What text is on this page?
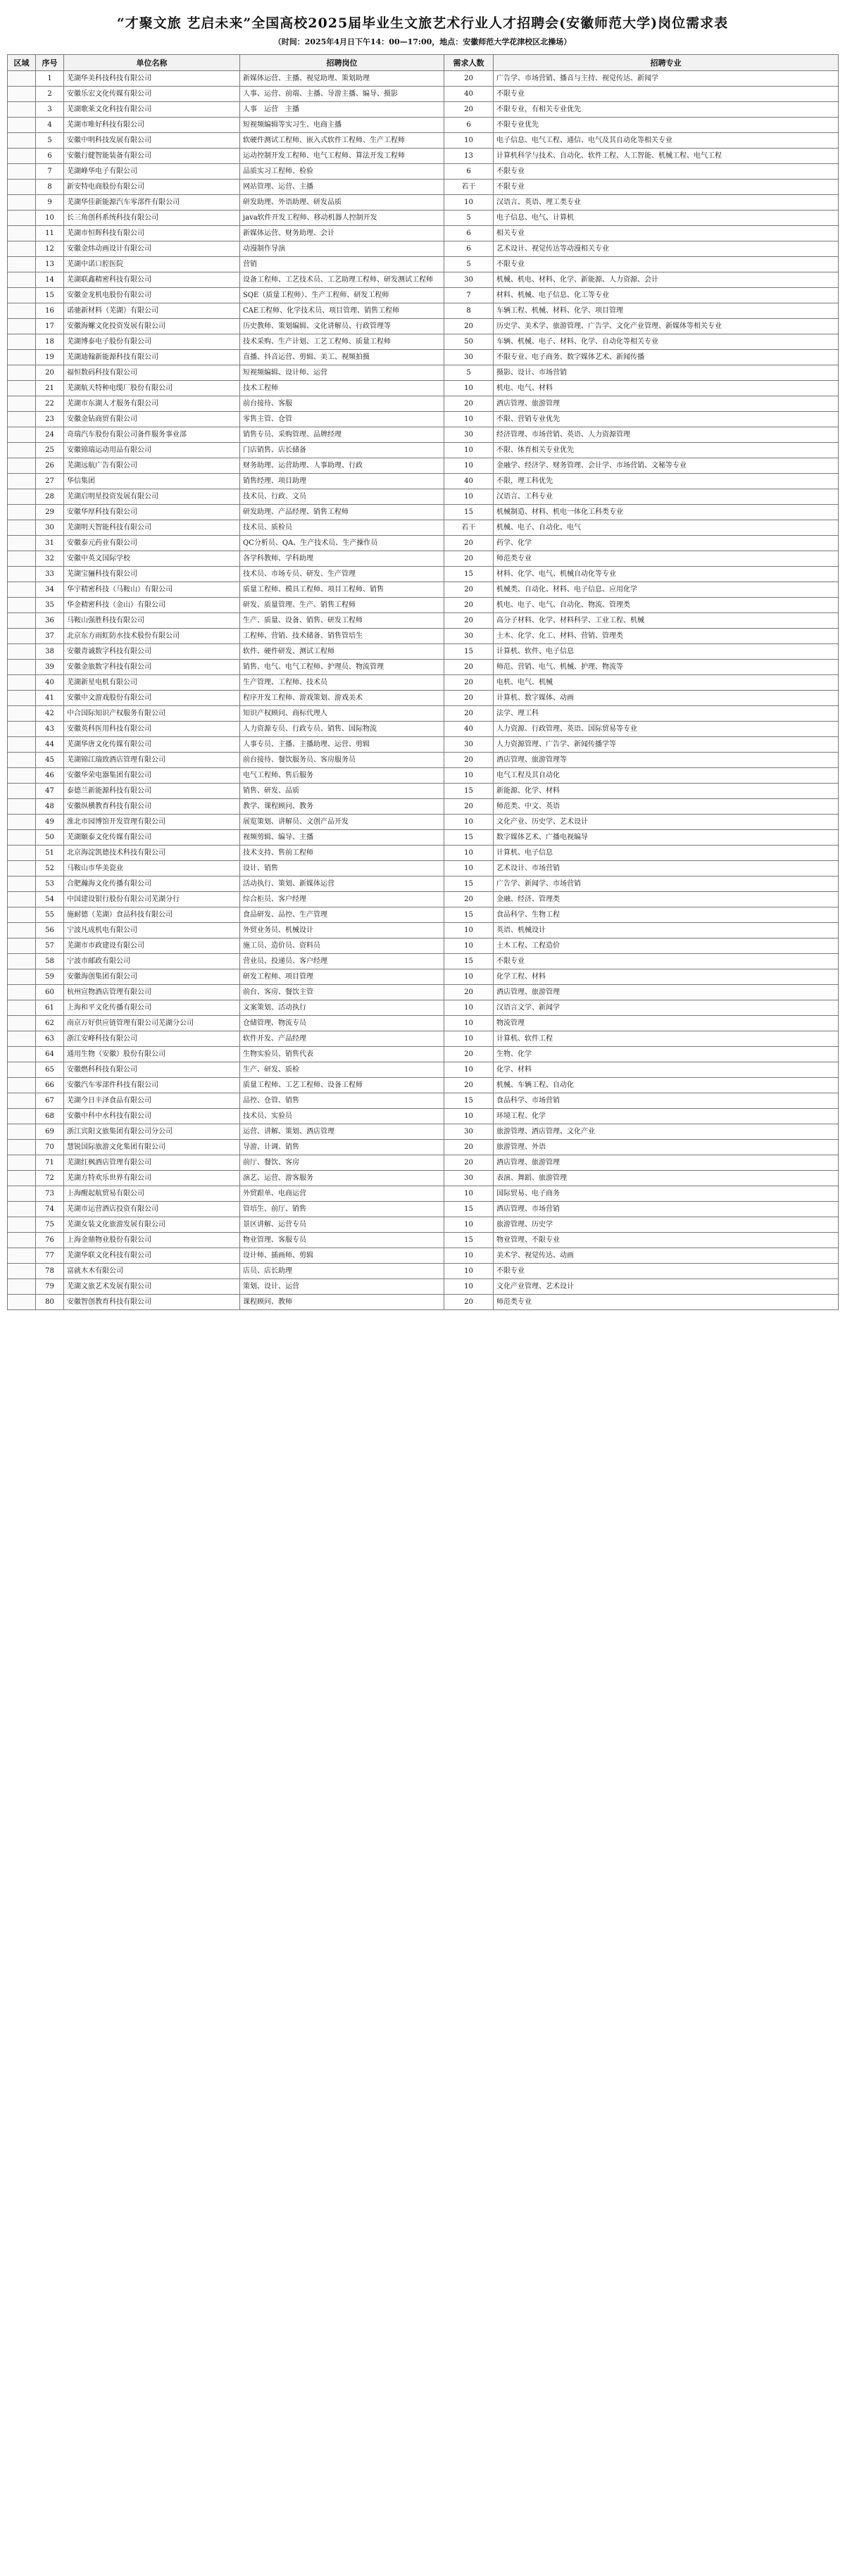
“才聚文旅 艺启未来”全国高校2025届毕业生文旅艺术行业人才招聘会(安徽师范大学)岗位需求表
（时间：2025年4月日下午14：00—17:00，地点：安徽师范大学花津校区北操场）
区域	序号	单位名称	招聘岗位	需求人数	招聘专业
	1	芜湖华美科技科技有限公司	新媒体运营、主播、视觉助理、策划助理	20	广告学、市场营销、播音与主持、视觉传达、新闻学
	2	安徽乐宏文化传媒有限公司	人事、运营、前端、主播、导游主播、编导、摄影	40	不限专业
	3	芜湖歌莱文化科技有限公司	人事　运营　主播	20	不限专业，有相关专业优先
	4	芜湖市唯好科技有限公司	短视频编辑等实习生、电商主播	6	不限专业优先
	5	安徽中明科技发展有限公司	软硬件测试工程师、嵌入式软件工程师、生产工程师	10	电子信息、电气工程、通信、电气及其自动化等相关专业
	6	安徽行健智能装备有限公司	运动控制开发工程师、电气工程师、算法开发工程师	13	计算机科学与技术、自动化、软件工程、人工智能、机械工程、电气工程
	7	芜湖峰华电子有限公司	品质实习工程师、检验	6	不限专业
	8	新安特电商股份有限公司	网站管理、运营、主播	若干	不限专业
	9	芜湖华佳新能源汽车零部件有限公司	研发助理、外语助理、研发品质	10	汉语言、英语、理工类专业
	10	长三角创科系统科技有限公司	java软件开发工程师、移动机器人控制开发	5	电子信息、电气、计算机
	11	芜湖市恒辉科技有限公司	新媒体运营、财务助理、会计	6	相关专业
	12	安徽金炜动画设计有限公司	动漫制作导演	6	艺术设计、视觉传达等动漫相关专业
	13	芜湖中诺口腔医院	营销	5	不限专业
	14	芜湖联鑫精密科技有限公司	设备工程师、工艺技术员、工艺助理工程师、研发测试工程师	30	机械、机电、材料、化学、新能源、人力资源、会计
	15	安徽金龙机电股份有限公司	SQE（质量工程师）、生产工程师、研发工程师	7	材料、机械、电子信息、化工等专业
	16	诺驰新材料（芜湖）有限公司	CAE工程师、化学技术员、项目管理、销售工程师	8	车辆工程、机械、材料、化学、项目管理
	17	安徽海螺文化投资发展有限公司	历史教师、策划编辑、文化讲解员、行政管理等	20	历史学、美术学、旅游管理、广告学、文化产业管理、新媒体等相关专业
	18	芜湖博泰电子股份有限公司	技术采购、生产计划、工艺工程师、质量工程师	50	车辆、机械、电子、材料、化学、自动化等相关专业
	19	芜湖迪翰新能源科技有限公司	直播、抖音运营、剪辑、美工、视频拍摄	30	不限专业、电子商务、数字媒体艺术、新闻传播
	20	福恒数码科技有限公司	短视频编辑、设计师、运营	5	摄影、设计、市场营销
	21	芜湖航天特种电缆厂股份有限公司	技术工程师	10	机电、电气、材料
	22	芜湖市东湖人才服务有限公司	前台接待、客服	20	酒店管理、旅游管理
	23	安徽金钻商贸有限公司	零售主管、仓管	10	不限、营销专业优先
	24	奇瑞汽车股份有限公司备件服务事业部	销售专员、采购管理、品牌经理	30	经济管理、市场营销、英语、人力资源管理
	25	安徽锦瑞运动用品有限公司	门店销售、店长储备	10	不限、体育相关专业优先
	26	芜湖远航广告有限公司	财务助理、运营助理、人事助理、行政	10	金融学、经济学、财务管理、会计学、市场营销、文秘等专业
	27	华信集团	销售经理、项目助理	40	不限，理工科优先
	28	芜湖启明星投资发展有限公司	技术员、行政、文员	10	汉语言、工科专业
	29	安徽华厚科技有限公司	研发助理、产品经理、销售工程师	15	机械制造、材料、机电一体化工科类专业
	30	芜湖明天智能科技有限公司	技术员、质检员	若干	机械、电子、自动化、电气
	31	安徽泰元药业有限公司	QC分析员、QA、生产技术员、生产操作员	20	药学、化学
	32	安徽中英文国际学校	各学科教师、学科助理	20	师范类专业
	33	芜湖宝骊科技有限公司	技术员、市场专员、研发、生产管理	15	材料、化学、电气、机械自动化等专业
	34	华宇精密科技（马鞍山）有限公司	质量工程师、模具工程师、项目工程师、销售	20	机械类、自动化、材料、电子信息、应用化学
	35	华金精密科技（金山）有限公司	研发、质量管理、生产、销售工程师	20	机电、电子、电气、自动化、物流、管理类
	36	马鞍山强胜科技有限公司	生产、质量、设备、销售、研发工程师	20	高分子材料、化学、材料科学、工业工程、机械
	37	北京东方雨虹防水技术股份有限公司	工程师、营销、技术储备、销售管培生	30	土木、化学、化工、材料、营销、管理类
	38	安徽青诚数字科技有限公司	软件、硬件研发、测试工程师	15	计算机、软件、电子信息
	39	安徽金旅数字科技有限公司	销售、电气、电气工程师、护理员、物流管理	20	师范、营销、电气、机械、护理、物流等
	40	芜湖新星电机有限公司	生产管理、工程师、技术员	20	电机、电气、机械
	41	安徽中文游戏股份有限公司	程序开发工程师、游戏策划、游戏美术	20	计算机、数字媒体、动画
	42	中合国际知识产权服务有限公司	知识产权顾问、商标代理人	20	法学、理工科
	43	安徽英科医用科技有限公司	人力资源专员、行政专员、销售、国际物流	40	人力资源、行政管理、英语、国际贸易等专业
	44	芜湖华唐文化传媒有限公司	人事专员、主播、主播助理、运营、剪辑	30	人力资源管理、广告学、新闻传播学等
	45	芜湖锦江瑞致酒店管理有限公司	前台接待、餐饮服务员、客房服务员	20	酒店管理、旅游管理等
	46	安徽华荣电器集团有限公司	电气工程师、售后服务	10	电气工程及其自动化
	47	泰德兰新能源科技有限公司	销售、研发、品质	15	新能源、化学、材料
	48	安徽纵横教育科技有限公司	教学、课程顾问、教务	20	师范类、中文、英语
	49	淮北市园博馆开发管理有限公司	展览策划、讲解员、文创产品开发	10	文化产业、历史学、艺术设计
	50	芜湖颐泰文化传媒有限公司	视频剪辑、编导、主播	15	数字媒体艺术、广播电视编导
	51	北京海淀凯德技术科技有限公司	技术支持、售前工程师	10	计算机、电子信息
	52	马鞍山市华美瓷业	设计、销售	10	艺术设计、市场营销
	53	合肥瀚海文化传播有限公司	活动执行、策划、新媒体运营	15	广告学、新闻学、市场营销
	54	中国建设银行股份有限公司芜湖分行	综合柜员、客户经理	20	金融、经济、管理类
	55	施耐德（芜湖）食品科技有限公司	食品研发、品控、生产管理	15	食品科学、生物工程
	56	宁波凡成机电有限公司	外贸业务员、机械设计	10	英语、机械设计
	57	芜湖市市政建设有限公司	施工员、造价员、资料员	10	土木工程、工程造价
	58	宁波市邮政有限公司	营业员、投递员、客户经理	15	不限专业
	59	安徽海创集团有限公司	研发工程师、项目管理	10	化学工程、材料
	60	杭州宣物酒店管理有限公司	前台、客房、餐饮主管	20	酒店管理、旅游管理
	61	上海和平文化传播有限公司	文案策划、活动执行	10	汉语言文学、新闻学
	62	南京万好供应链管理有限公司芜湖分公司	仓储管理、物流专员	10	物流管理
	63	浙江安峰科技有限公司	软件开发、产品经理	10	计算机、软件工程
	64	通用生物（安徽）股份有限公司	生物实验员、销售代表	20	生物、化学
	65	安徽燃科科技有限公司	生产、研发、质检	10	化学、材料
	66	安徽汽车零部件科技有限公司	质量工程师、工艺工程师、设备工程师	20	机械、车辆工程、自动化
	67	芜湖今日丰泽食品有限公司	品控、仓管、销售	15	食品科学、市场营销
	68	安徽中科中水科技有限公司	技术员、实验员	10	环境工程、化学
	69	浙江宾阳文旅集团有限公司分公司	运营、讲解、策划、酒店管理	30	旅游管理、酒店管理、文化产业
	70	慧锐国际旅游文化集团有限公司	导游、计调、销售	20	旅游管理、外语
	71	芜湖红枫酒店管理有限公司	前厅、餐饮、客房	20	酒店管理、旅游管理
	72	芜湖方特欢乐世界有限公司	演艺、运营、游客服务	30	表演、舞蹈、旅游管理
	73	上海醒起航贸易有限公司	外贸跟单、电商运营	10	国际贸易、电子商务
	74	芜湖市运营酒店投资有限公司	管培生、前厅、销售	15	酒店管理、市场营销
	75	芜湖女装文化旅游发展有限公司	景区讲解、运营专员	10	旅游管理、历史学
	76	上海金鼎物业股份有限公司	物业管理、客服专员	15	物业管理、不限专业
	77	芜湖华联文化科技有限公司	设计师、插画师、剪辑	10	美术学、视觉传达、动画
	78	富就木木有限公司	店员、店长助理	10	不限专业
	79	芜湖文旅艺术发展有限公司	策划、设计、运营	10	文化产业管理、艺术设计
	80	安徽智创教育科技有限公司	课程顾问、教师	20	师范类专业
